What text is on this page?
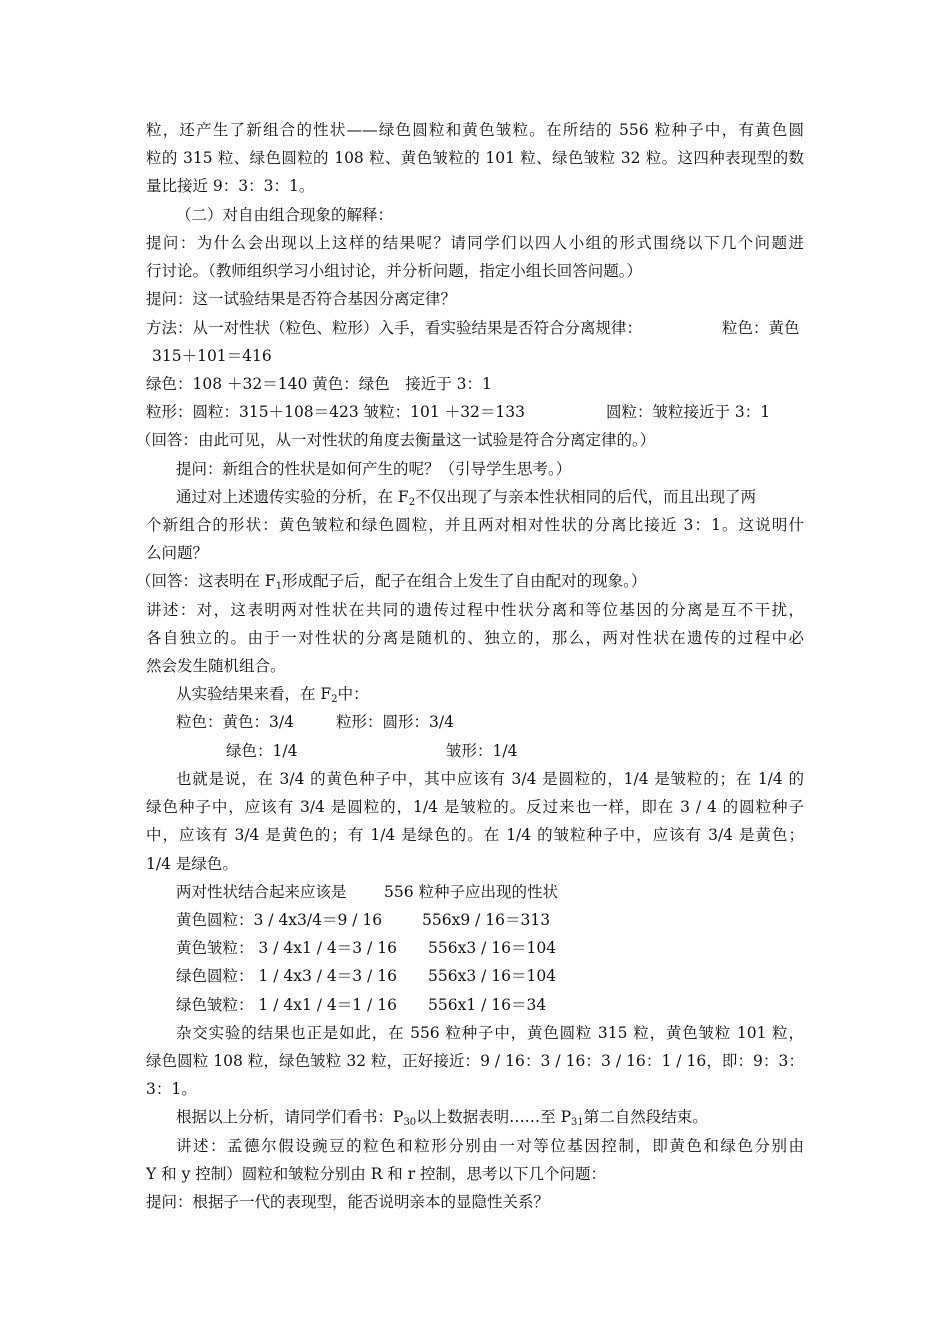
粒，还产生了新组合的性状——绿色圆粒和黄色皱粒。在所结的 556 粒种子中，有黄色圆
粒的 315 粒、绿色圆粒的 108 粒、黄色皱粒的 101 粒、绿色皱粒 32 粒。这四种表现型的数
量比接近 9：3：3：1。
（二）对自由组合现象的解释：
提问：为什么会出现以上这样的结果呢？请同学们以四人小组的形式围绕以下几个问题进
行讨论。（教师组织学习小组讨论，并分析问题，指定小组长回答问题。）
提问：这一试验结果是否符合基因分离定律？
方法：从一对性状（粒色、粒形）入手，看实验结果是否符合分离规律：	粒色：黄色
315＋101＝416
绿色：108 ＋32＝140 黄色：绿色　接近于 3：1
粒形：圆粒：315＋108＝423 皱粒：101 ＋32＝133	圆粒：皱粒接近于 3：1
（回答：由此可见，从一对性状的角度去衡量这一试验是符合分离定律的。）
提问：新组合的性状是如何产生的呢？（引导学生思考。）
通过对上述遗传实验的分析，在 $F_2$不仅出现了与亲本性状相同的后代，而且出现了两
个新组合的形状：黄色皱粒和绿色圆粒，并且两对相对性状的分离比接近 3：1。这说明什
么问题？
（回答：这表明在 $F_1$形成配子后，配子在组合上发生了自由配对的现象。）
讲述：对，这表明两对性状在共同的遗传过程中性状分离和等位基因的分离是互不干扰，
各自独立的。由于一对性状的分离是随机的、独立的，那么，两对性状在遗传的过程中必
然会发生随机组合。
从实验结果来看，在 $F_2$中：
粒色：黄色：3/4	粒形：圆形：3/4
绿色：1/4	皱形：1/4
也就是说，在 3/4 的黄色种子中，其中应该有 3/4 是圆粒的，1/4 是皱粒的；在 1/4 的
绿色种子中，应该有 3/4 是圆粒的，1/4 是皱粒的。反过来也一样，即在 3 / 4 的圆粒种子
中，应该有 3/4 是黄色的；有 1/4 是绿色的。在 1/4 的皱粒种子中，应该有 3/4 是黄色；
1/4 是绿色。
两对性状结合起来应该是 556 粒种子应出现的性状
黄色圆粒：3 / 4x3/4＝9 / 16	556x9 / 16＝313
黄色皱粒： 3 / 4x1 / 4＝3 / 16 556x3 / 16＝104
绿色圆粒： 1 / 4x3 / 4＝3 / 16 556x3 / 16＝104
绿色皱粒： 1 / 4x1 / 4＝1 / 16 556x1 / 16＝34
杂交实验的结果也正是如此，在 556 粒种子中，黄色圆粒 315 粒，黄色皱粒 101 粒，
绿色圆粒 108 粒，绿色皱粒 32 粒，正好接近：9 / 16：3 / 16：3 / 16：1 / 16，即：9：3：
3：1。
根据以上分析，请同学们看书：$P_{30}$以上数据表明……至 $P_{31}$第二自然段结束。
讲述：孟德尔假设豌豆的粒色和粒形分别由一对等位基因控制，即黄色和绿色分别由
Y 和 y 控制）圆粒和皱粒分别由 R 和 r 控制，思考以下几个问题：
提问：根据子一代的表现型，能否说明亲本的显隐性关系？
